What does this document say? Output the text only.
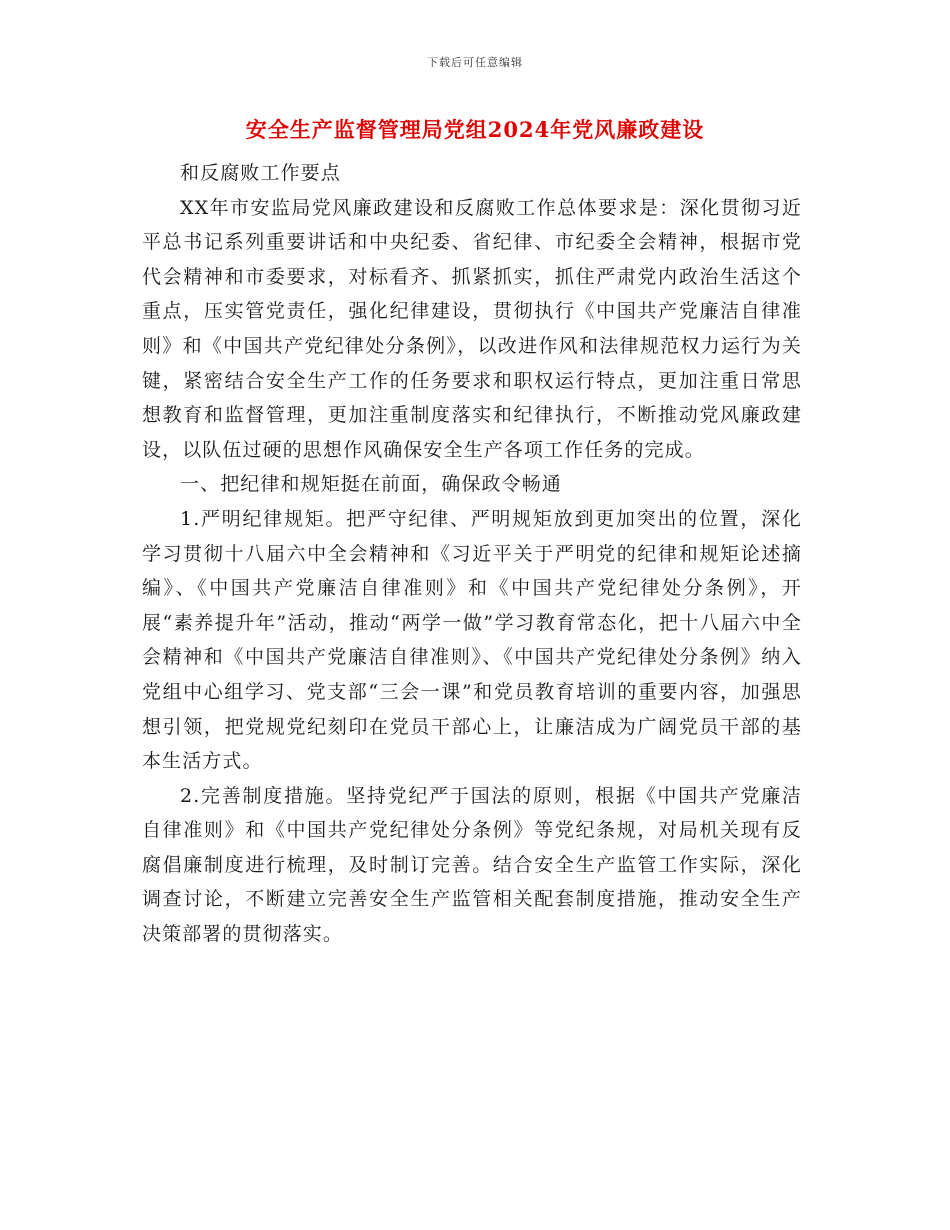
下载后可任意编辑
安全生产监督管理局党组2024年党风廉政建设

和反腐败工作要点

XX年市安监局党风廉政建设和反腐败工作总体要求是：深化贯彻习近平总书记系列重要讲话和中央纪委、省纪律、市纪委全会精神，根据市党代会精神和市委要求，对标看齐、抓紧抓实，抓住严肃党内政治生活这个重点，压实管党责任，强化纪律建设，贯彻执行《中国共产党廉洁自律准则》和《中国共产党纪律处分条例》，以改进作风和法律规范权力运行为关键，紧密结合安全生产工作的任务要求和职权运行特点，更加注重日常思想教育和监督管理，更加注重制度落实和纪律执行，不断推动党风廉政建设，以队伍过硬的思想作风确保安全生产各项工作任务的完成。

一、把纪律和规矩挺在前面，确保政令畅通

1.严明纪律规矩。把严守纪律、严明规矩放到更加突出的位置，深化学习贯彻十八届六中全会精神和《习近平关于严明党的纪律和规矩论述摘编》、《中国共产党廉洁自律准则》和《中国共产党纪律处分条例》，开展“素养提升年”活动，推动“两学一做”学习教育常态化，把十八届六中全会精神和《中国共产党廉洁自律准则》、《中国共产党纪律处分条例》纳入党组中心组学习、党支部“三会一课”和党员教育培训的重要内容，加强思想引领，把党规党纪刻印在党员干部心上，让廉洁成为广阔党员干部的基本生活方式。

2.完善制度措施。坚持党纪严于国法的原则，根据《中国共产党廉洁自律准则》和《中国共产党纪律处分条例》等党纪条规，对局机关现有反腐倡廉制度进行梳理，及时制订完善。结合安全生产监管工作实际，深化调查讨论，不断建立完善安全生产监管相关配套制度措施，推动安全生产决策部署的贯彻落实。
